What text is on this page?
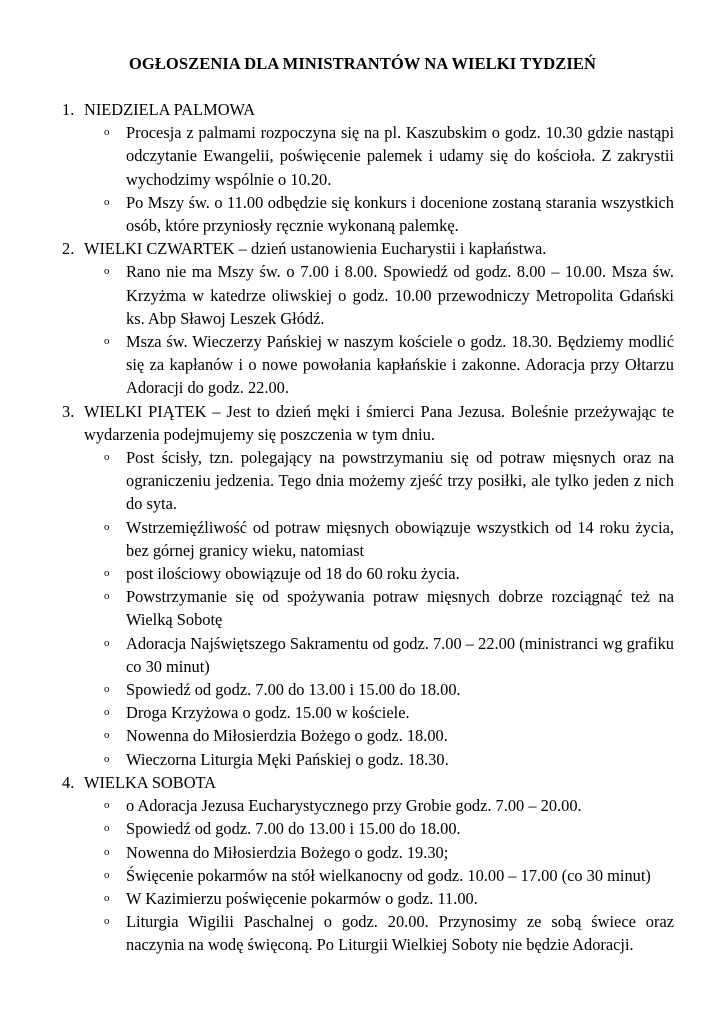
OGŁOSZENIA DLA MINISTRANTÓW NA WIELKI TYDZIEŃ
1. NIEDZIELA PALMOWA
o Procesja z palmami rozpoczyna się na pl. Kaszubskim o godz. 10.30 gdzie nastąpi odczytanie Ewangelii, poświęcenie palemek i udamy się do kościoła. Z zakrystii wychodzimy wspólnie o 10.20.
o Po Mszy św. o 11.00 odbędzie się konkurs i docenione zostaną starania wszystkich osób, które przyniosły ręcznie wykonaną palemkę.
2. WIELKI CZWARTEK – dzień ustanowienia Eucharystii i kapłaństwa.
o Rano nie ma Mszy św. o 7.00 i 8.00. Spowiedź od godz. 8.00 – 10.00. Msza św. Krzyżma w katedrze oliwskiej o godz. 10.00 przewodniczy Metropolita Gdański ks. Abp Sławoj Leszek Głódź.
o Msza św. Wieczerzy Pańskiej w naszym kościele o godz. 18.30. Będziemy modlić się za kapłanów i o nowe powołania kapłańskie i zakonne. Adoracja przy Ołtarzu Adoracji do godz. 22.00.
3. WIELKI PIĄTEK – Jest to dzień męki i śmierci Pana Jezusa. Boleśnie przeżywając te wydarzenia podejmujemy się poszczenia w tym dniu.
o Post ścisły, tzn. polegający na powstrzymaniu się od potraw mięsnych oraz na ograniczeniu jedzenia. Tego dnia możemy zjeść trzy posiłki, ale tylko jeden z nich do syta.
o Wstrzemięźliwość od potraw mięsnych obowiązuje wszystkich od 14 roku życia, bez górnej granicy wieku, natomiast
o post ilościowy obowiązuje od 18 do 60 roku życia.
o Powstrzymanie się od spożywania potraw mięsnych dobrze rozciągnąć też na Wielką Sobotę
o Adoracja Najświętszego Sakramentu od godz. 7.00 – 22.00 (ministranci wg grafiku co 30 minut)
o Spowiedź od godz. 7.00 do 13.00 i 15.00 do 18.00.
o Droga Krzyżowa o godz. 15.00 w kościele.
o Nowenna do Miłosierdzia Bożego o godz. 18.00.
o Wieczorna Liturgia Męki Pańskiej o godz. 18.30.
4. WIELKA SOBOTA
o o Adoracja Jezusa Eucharystycznego przy Grobie godz. 7.00 – 20.00.
o Spowiedź od godz. 7.00 do 13.00 i 15.00 do 18.00.
o Nowenna do Miłosierdzia Bożego o godz. 19.30;
o Święcenie pokarmów na stół wielkanocny od godz. 10.00 – 17.00 (co 30 minut)
o W Kazimierzu poświęcenie pokarmów o godz. 11.00.
o Liturgia Wigilii Paschalnej o godz. 20.00. Przynosimy ze sobą świece oraz naczynia na wodę święconą. Po Liturgii Wielkiej Soboty nie będzie Adoracji.
